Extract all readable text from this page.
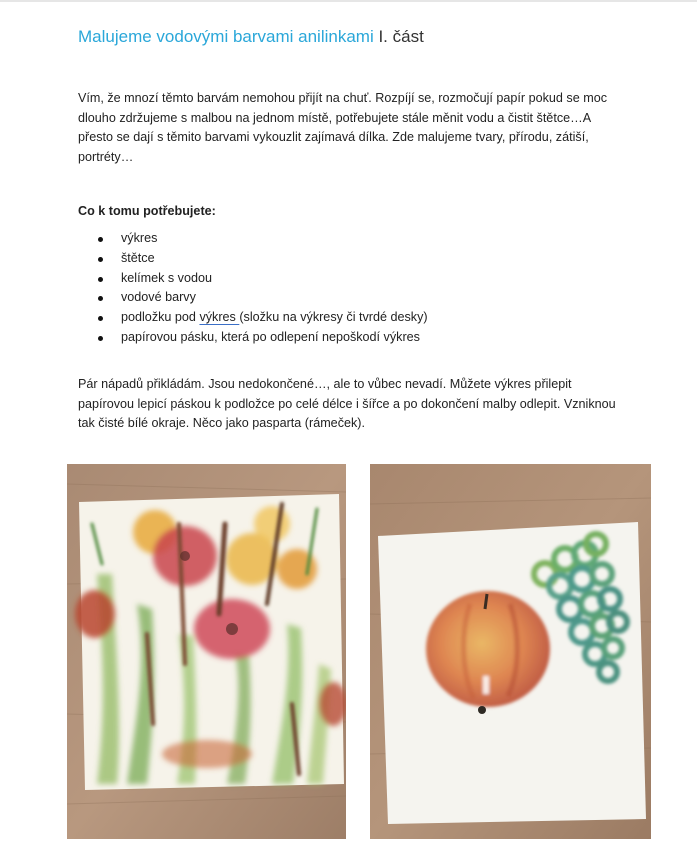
Malujeme vodovými barvami anilinkami I. část

Vím, že mnozí těmto barvám nemohou přijít na chuť. Rozpíjí se, rozmočují papír pokud se moc dlouho zdržujeme s malbou na jednom místě, potřebujete stále měnit vodu a čistit štětce…A přesto se dají s těmito barvami vykouzlit zajímavá dílka. Zde malujeme tvary, přírodu, zátiší, portréty…

Co k tomu potřebujete:
výkres
štětce
kelímek s vodou
vodové barvy
podložku pod výkres (složku na výkresy či tvrdé desky)
papírovou pásku, která po odlepení nepoškodí výkres

Pár nápadů přikládám. Jsou nedokončené…, ale to vůbec nevadí. Můžete výkres přilepit papírovou lepicí páskou k podložce po celé délce i šířce a po dokončení malby odlepit. Vzniknou tak čisté bílé okraje. Něco jako pasparta (rámeček).
